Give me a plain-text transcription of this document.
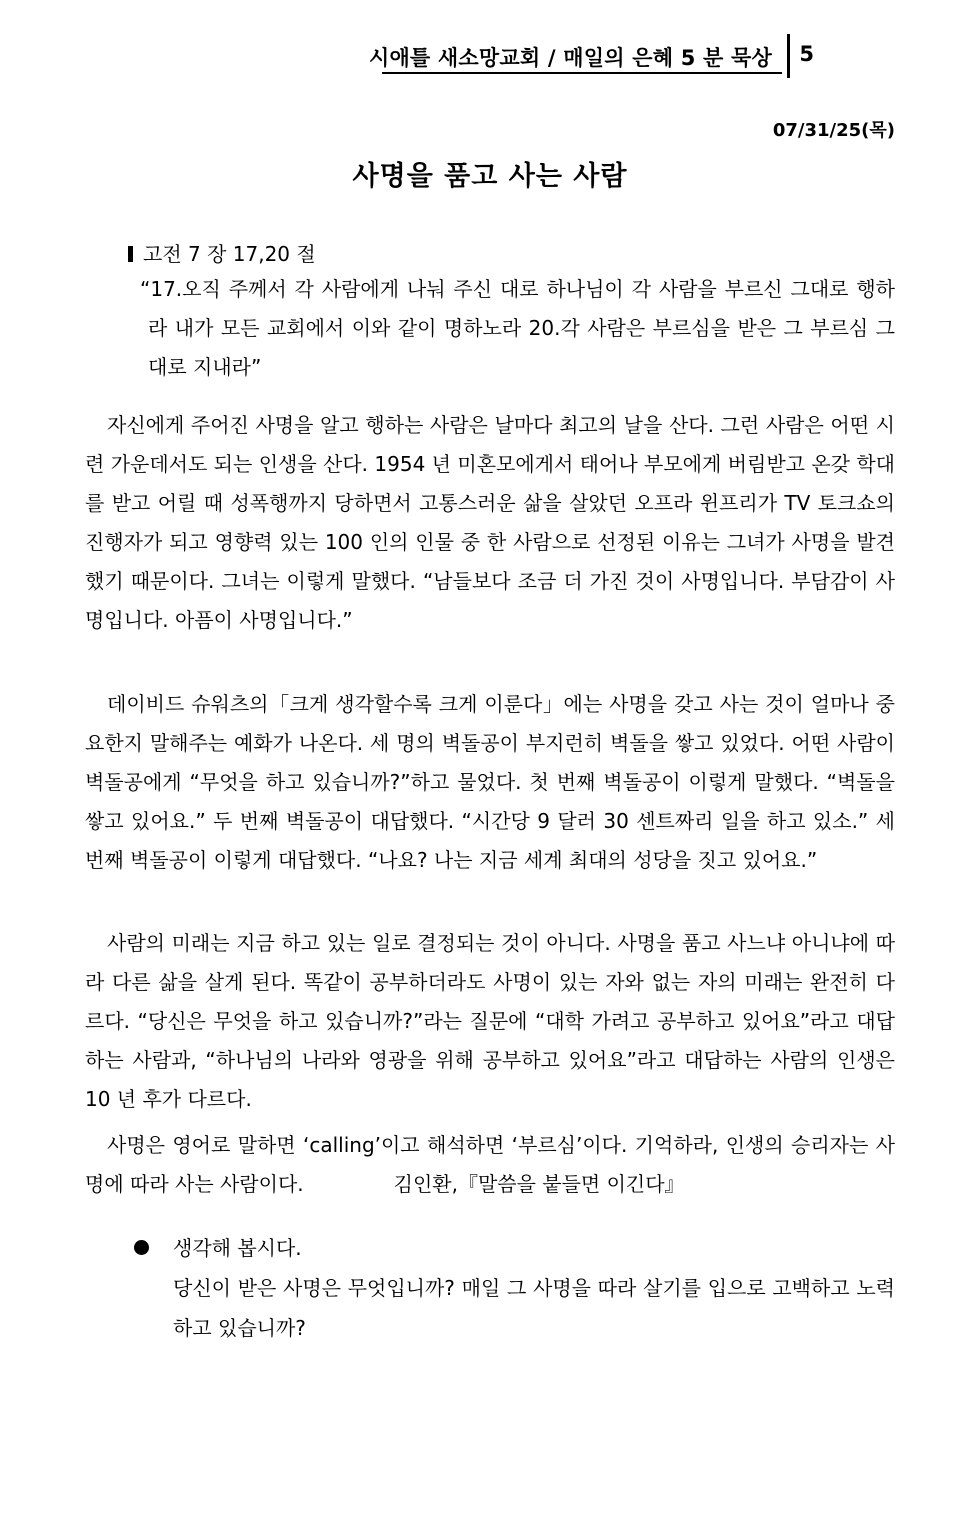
시애틀 새소망교회 / 매일의 은혜 5 분 묵상 5
07/31/25(목)
사명을 품고 사는 사람
고전 7 장 17,20 절
“17.오직 주께서 각 사람에게 나눠 주신 대로 하나님이 각 사람을 부르신 그대로 행하라 내가 모든 교회에서 이와 같이 명하노라 20.각 사람은 부르심을 받은 그 부르심 그대로 지내라”

자신에게 주어진 사명을 알고 행하는 사람은 날마다 최고의 날을 산다. 그런 사람은 어떤 시련 가운데서도 되는 인생을 산다. 1954 년 미혼모에게서 태어나 부모에게 버림받고 온갖 학대를 받고 어릴 때 성폭행까지 당하면서 고통스러운 삶을 살았던 오프라 윈프리가 TV 토크쇼의 진행자가 되고 영향력 있는 100 인의 인물 중 한 사람으로 선정된 이유는 그녀가 사명을 발견했기 때문이다. 그녀는 이렇게 말했다. “남들보다 조금 더 가진 것이 사명입니다. 부담감이 사명입니다. 아픔이 사명입니다.”

데이비드 슈워츠의「크게 생각할수록 크게 이룬다」에는 사명을 갖고 사는 것이 얼마나 중요한지 말해주는 예화가 나온다. 세 명의 벽돌공이 부지런히 벽돌을 쌓고 있었다. 어떤 사람이 벽돌공에게 “무엇을 하고 있습니까?”하고 물었다. 첫 번째 벽돌공이 이렇게 말했다. “벽돌을 쌓고 있어요.” 두 번째 벽돌공이 대답했다. “시간당 9 달러 30 센트짜리 일을 하고 있소.” 세 번째 벽돌공이 이렇게 대답했다. “나요? 나는 지금 세계 최대의 성당을 짓고 있어요.”

사람의 미래는 지금 하고 있는 일로 결정되는 것이 아니다. 사명을 품고 사느냐 아니냐에 따라 다른 삶을 살게 된다. 똑같이 공부하더라도 사명이 있는 자와 없는 자의 미래는 완전히 다르다. “당신은 무엇을 하고 있습니까?”라는 질문에 “대학 가려고 공부하고 있어요”라고 대답하는 사람과, “하나님의 나라와 영광을 위해 공부하고 있어요”라고 대답하는 사람의 인생은 10 년 후가 다르다.

사명은 영어로 말하면 ‘calling’이고 해석하면 ‘부르심’이다. 기억하라, 인생의 승리자는 사명에 따라 사는 사람이다.	김인환,『말씀을 붙들면 이긴다』

생각해 봅시다.
당신이 받은 사명은 무엇입니까? 매일 그 사명을 따라 살기를 입으로 고백하고 노력하고 있습니까?
